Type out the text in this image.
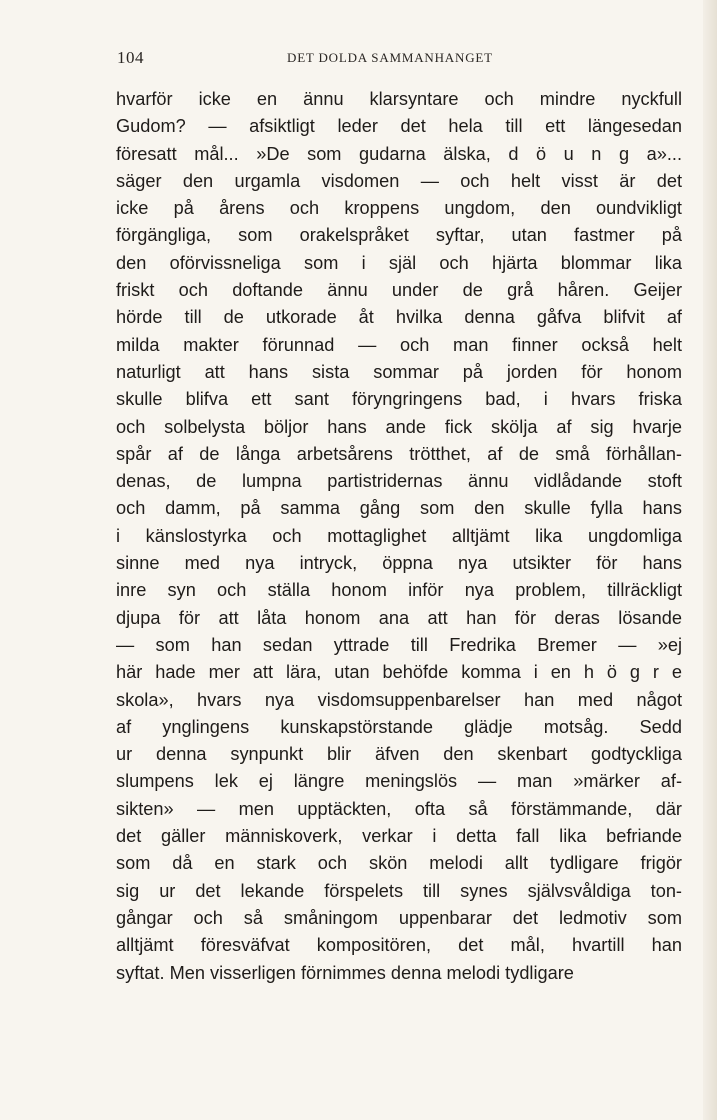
104	DET DOLDA SAMMANHANGET
hvarför icke en ännu klarsyntare och mindre nyckfull
Gudom? — afsiktligt leder det hela till ett längesedan
föresatt mål... »De som gudarna älska, d ö u n g a»...
säger den urgamla visdomen — och helt visst är det
icke på årens och kroppens ungdom, den oundvikligt
förgängliga, som orakelspråket syftar, utan fastmer på
den oförvissneliga som i själ och hjärta blommar lika
friskt och doftande ännu under de grå håren. Geijer
hörde till de utkorade åt hvilka denna gåfva blifvit af
milda makter förunnad — och man finner också helt
naturligt att hans sista sommar på jorden för honom
skulle blifva ett sant föryngringens bad, i hvars friska
och solbelysta böljor hans ande fick skölja af sig hvarje
spår af de långa arbetsårens trötthet, af de små förhållan-
denas, de lumpna partistridernas ännu vidlådande stoft
och damm, på samma gång som den skulle fylla hans
i känslostyrka och mottaglighet alltjämt lika ungdomliga
sinne med nya intryck, öppna nya utsikter för hans
inre syn och ställa honom inför nya problem, tillräckligt
djupa för att låta honom ana att han för deras lösande
— som han sedan yttrade till Fredrika Bremer — »ej
här hade mer att lära, utan behöfde komma i en h ö g r e
skola», hvars nya visdomsuppenbarelser han med något
af ynglingens kunskapstörstande glädje motsåg. Sedd
ur denna synpunkt blir äfven den skenbart godtyckliga
slumpens lek ej längre meningslös — man »märker af-
sikten» — men upptäckten, ofta så förstämmande, där
det gäller människoverk, verkar i detta fall lika befriande
som då en stark och skön melodi allt tydligare frigör
sig ur det lekande förspelets till synes självsvåldiga ton-
gångar och så småningom uppenbarar det ledmotiv som
alltjämt föresväfvat kompositören, det mål, hvartill han
syftat. Men visserligen förnimmes denna melodi tydligare
